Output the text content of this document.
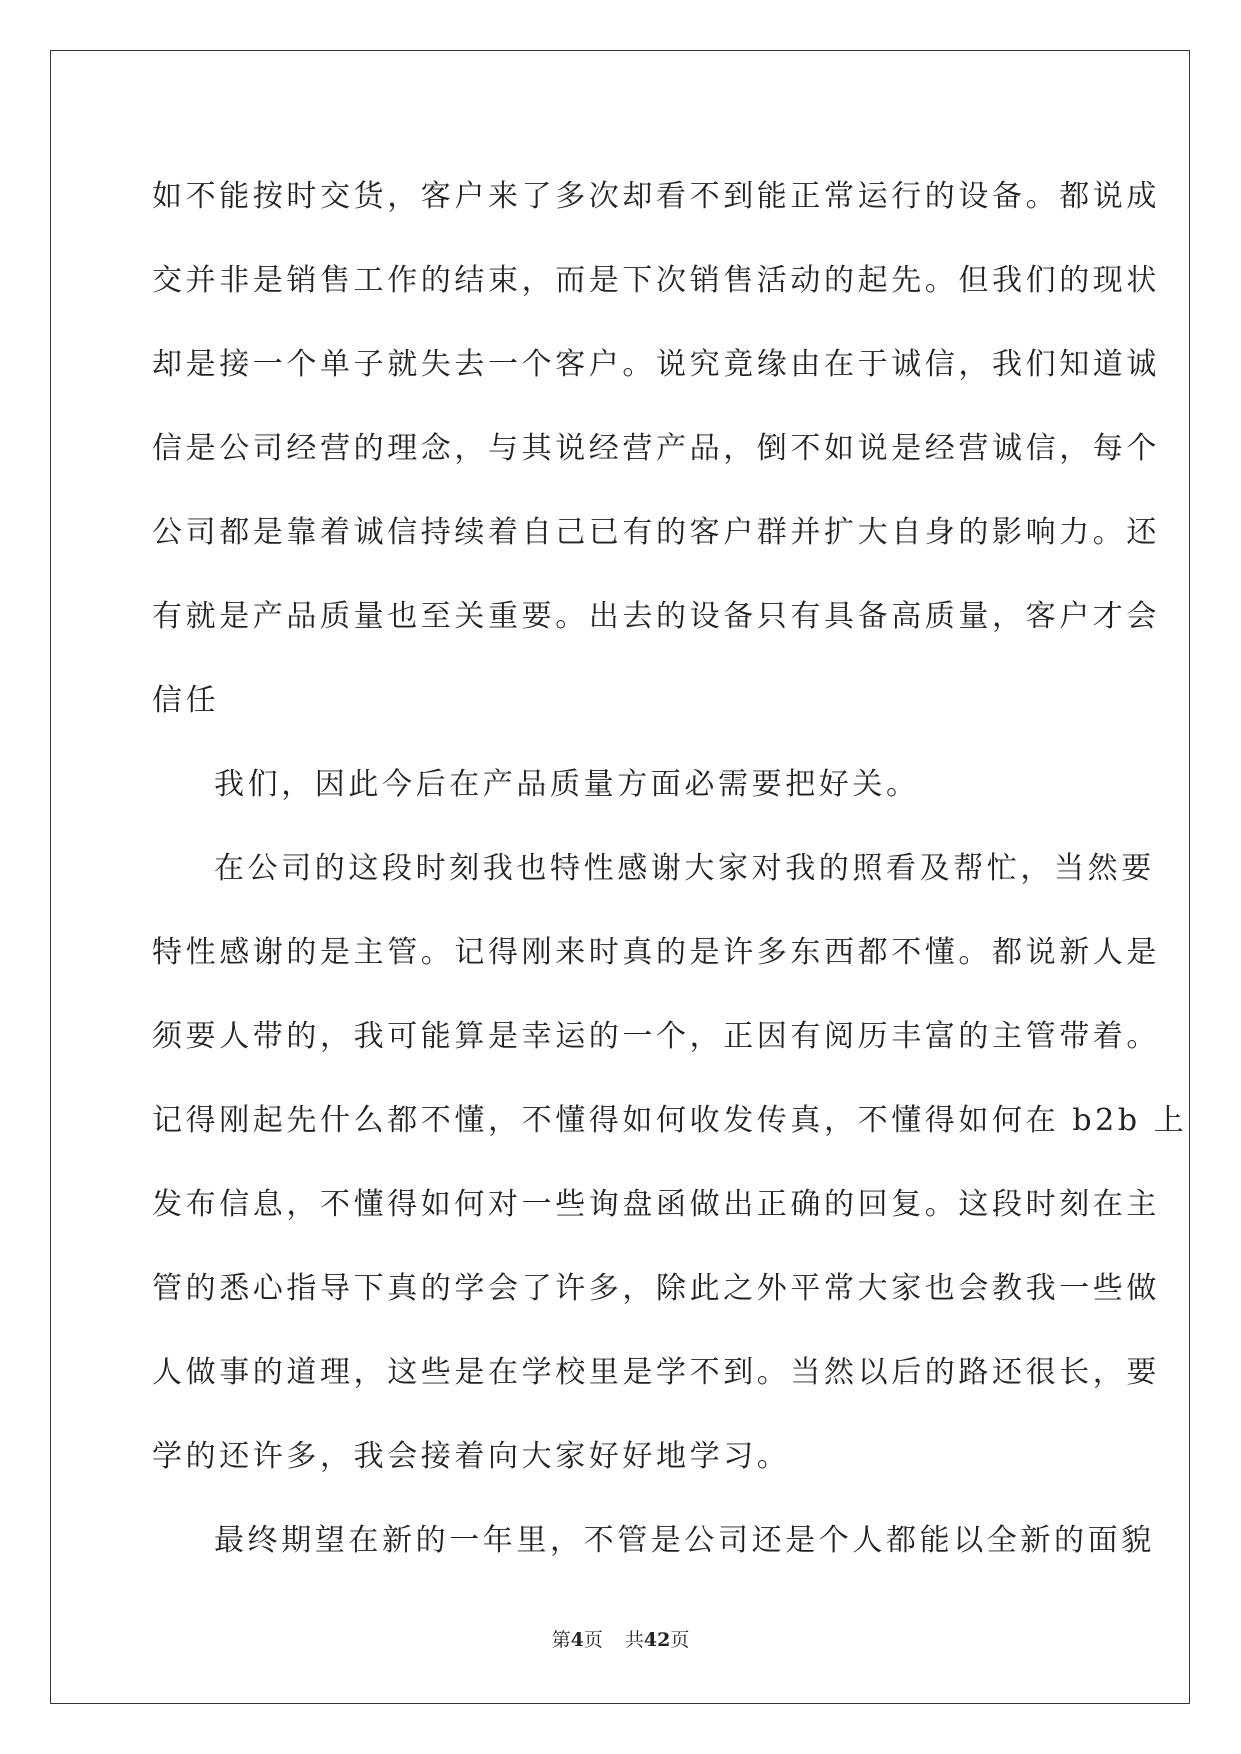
如不能按时交货，客户来了多次却看不到能正常运行的设备。都说成
交并非是销售工作的结束，而是下次销售活动的起先。但我们的现状
却是接一个单子就失去一个客户。说究竟缘由在于诚信，我们知道诚
信是公司经营的理念，与其说经营产品，倒不如说是经营诚信，每个
公司都是靠着诚信持续着自己已有的客户群并扩大自身的影响力。还
有就是产品质量也至关重要。出去的设备只有具备高质量，客户才会
信任
我们，因此今后在产品质量方面必需要把好关。
在公司的这段时刻我也特性感谢大家对我的照看及帮忙，当然要
特性感谢的是主管。记得刚来时真的是许多东西都不懂。都说新人是
须要人带的，我可能算是幸运的一个，正因有阅历丰富的主管带着。
记得刚起先什么都不懂，不懂得如何收发传真，不懂得如何在 b2b 上
发布信息，不懂得如何对一些询盘函做出正确的回复。这段时刻在主
管的悉心指导下真的学会了许多，除此之外平常大家也会教我一些做
人做事的道理，这些是在学校里是学不到。当然以后的路还很长，要
学的还许多，我会接着向大家好好地学习。
最终期望在新的一年里，不管是公司还是个人都能以全新的面貌
第4页 共42页
